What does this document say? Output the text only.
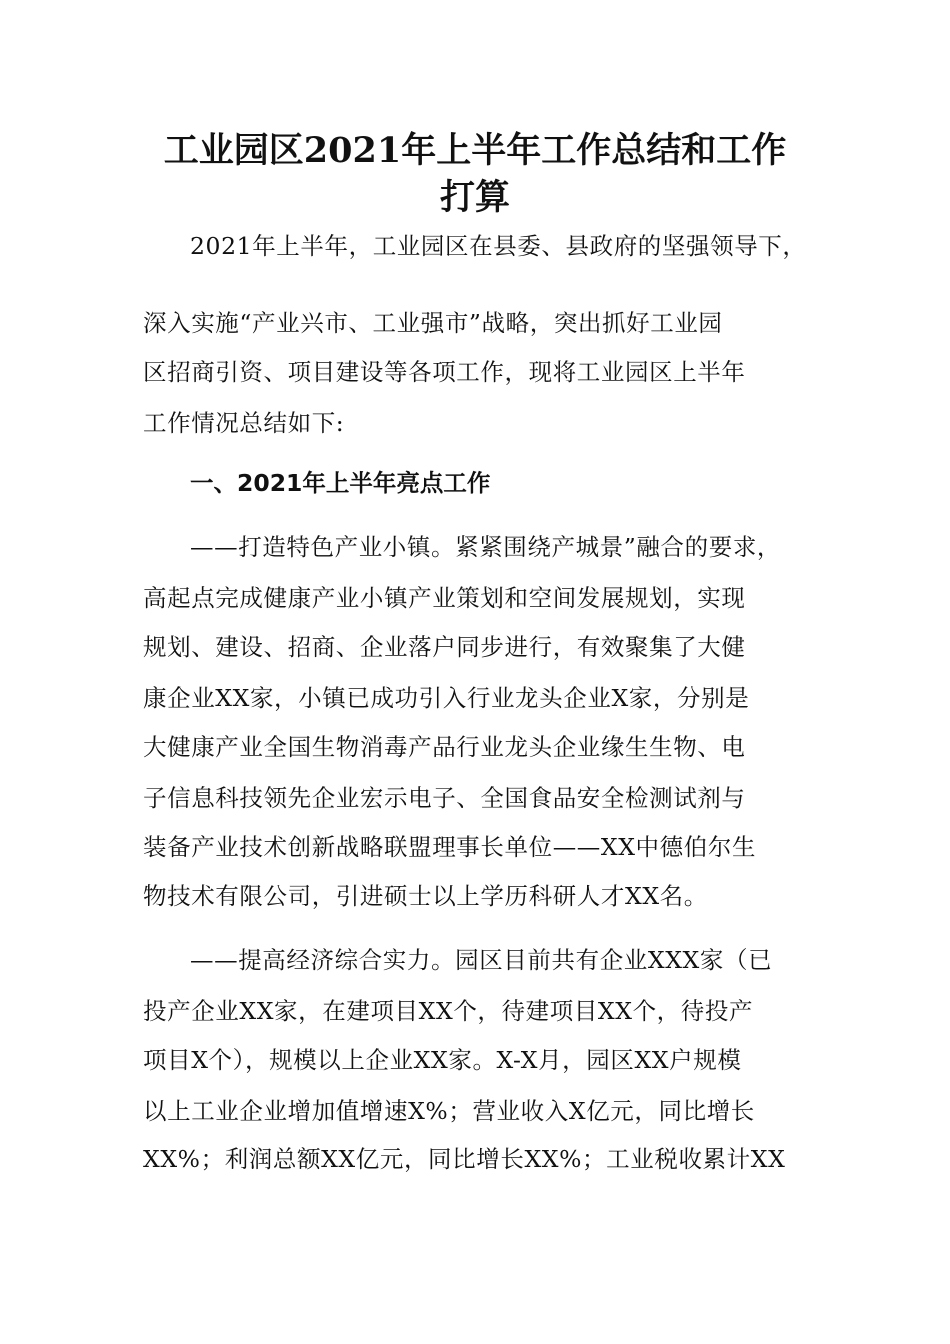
工业园区2021年上半年工作总结和工作
打算

2021年上半年，工业园区在县委、县政府的坚强领导下，

深入实施“产业兴市、工业强市”战略，突出抓好工业园

区招商引资、项目建设等各项工作，现将工业园区上半年

工作情况总结如下:

一、2021年上半年亮点工作

——打造特色产业小镇。紧紧围绕产城景”融合的要求，

高起点完成健康产业小镇产业策划和空间发展规划，实现

规划、建设、招商、企业落户同步进行，有效聚集了大健

康企业XX家，小镇已成功引入行业龙头企业X家，分别是

大健康产业全国生物消毒产品行业龙头企业缘生生物、电

子信息科技领先企业宏示电子、全国食品安全检测试剂与

装备产业技术创新战略联盟理事长单位——XX中德伯尔生

物技术有限公司，引进硕士以上学历科研人才XX名。

——提高经济综合实力。园区目前共有企业XXX家（已

投产企业XX家，在建项目XX个，待建项目XX个，待投产

项目X个），规模以上企业XX家。X-X月，园区XX户规模

以上工业企业增加值增速X%；营业收入X亿元，同比增长

XX%；利润总额XX亿元，同比增长XX%；工业税收累计XX
